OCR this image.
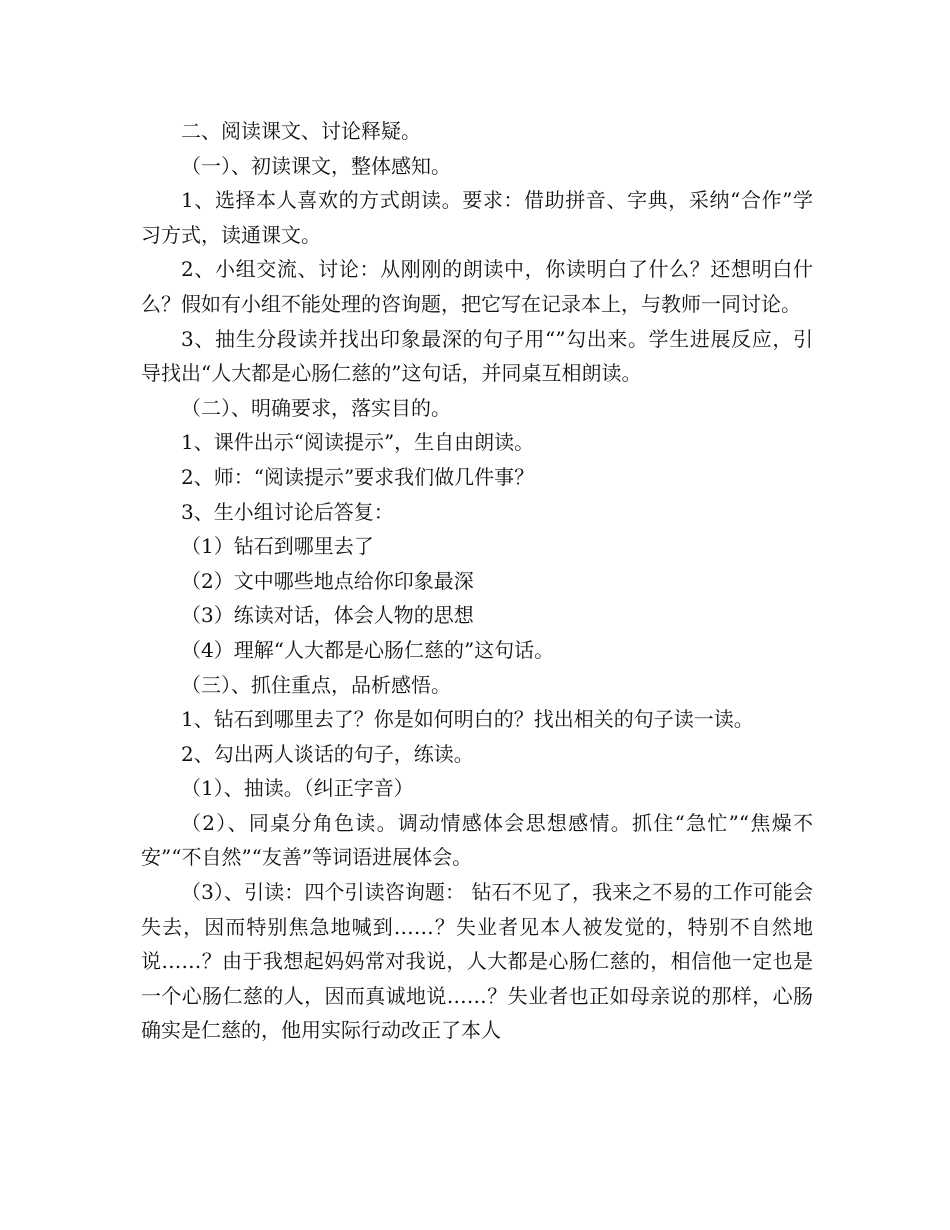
二、阅读课文、讨论释疑。

（一）、初读课文，整体感知。

1、选择本人喜欢的方式朗读。要求：借助拼音、字典，采纳“合作”学习方式，读通课文。

2、小组交流、讨论：从刚刚的朗读中，你读明白了什么？还想明白什么？假如有小组不能处理的咨询题，把它写在记录本上，与教师一同讨论。

3、抽生分段读并找出印象最深的句子用“”勾出来。学生进展反应，引导找出“人大都是心肠仁慈的”这句话，并同桌互相朗读。

（二）、明确要求，落实目的。

1、课件出示“阅读提示”，生自由朗读。

2、师：“阅读提示”要求我们做几件事？

3、生小组讨论后答复：

（1）钻石到哪里去了

（2）文中哪些地点给你印象最深

（3）练读对话，体会人物的思想

（4）理解“人大都是心肠仁慈的”这句话。

（三）、抓住重点，品析感悟。

1、钻石到哪里去了？你是如何明白的？找出相关的句子读一读。

2、勾出两人谈话的句子，练读。

（1）、抽读。（纠正字音）

（2）、同桌分角色读。调动情感体会思想感情。抓住“急忙”“焦燥不安”“不自然”“友善”等词语进展体会。

（3）、引读：四个引读咨询题： 钻石不见了，我来之不易的工作可能会失去，因而特别焦急地喊到……？失业者见本人被发觉的，特别不自然地说……？由于我想起妈妈常对我说，人大都是心肠仁慈的，相信他一定也是一个心肠仁慈的人，因而真诚地说……？失业者也正如母亲说的那样，心肠确实是仁慈的，他用实际行动改正了本人
